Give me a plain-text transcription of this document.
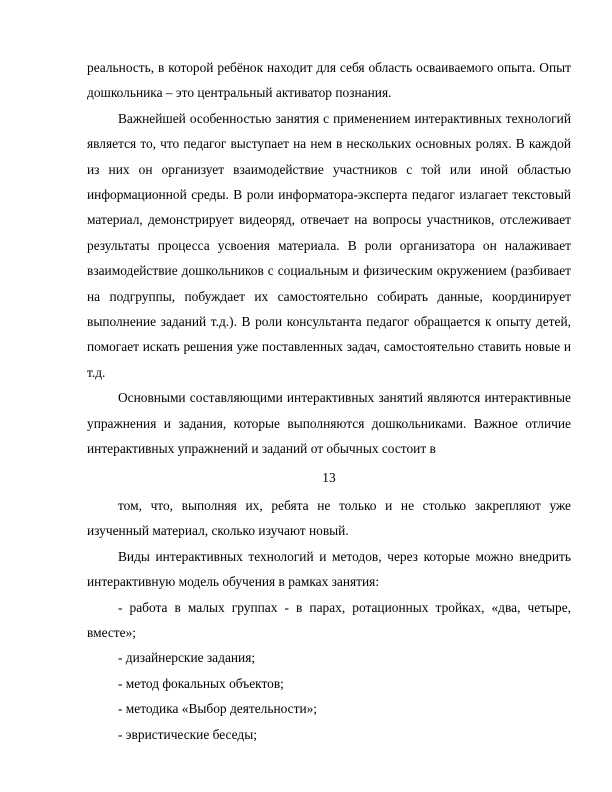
реальность, в которой ребёнок находит для себя область осваиваемого опыта. Опыт дошкольника – это центральный активатор познания.

Важнейшей особенностью занятия с применением интерактивных технологий является то, что педагог выступает на нем в нескольких основных ролях. В каждой из них он организует взаимодействие участников с той или иной областью информационной среды. В роли информатора-эксперта педагог излагает текстовый материал, демонстрирует видеоряд, отвечает на вопросы участников, отслеживает результаты процесса усвоения материала. В роли организатора он налаживает взаимодействие дошкольников с социальным и физическим окружением (разбивает на подгруппы, побуждает их самостоятельно собирать данные, координирует выполнение заданий т.д.). В роли консультанта педагог обращается к опыту детей, помогает искать решения уже поставленных задач, самостоятельно ставить новые и т.д.

Основными составляющими интерактивных занятий являются интерактивные упражнения и задания, которые выполняются дошкольниками. Важное отличие интерактивных упражнений и заданий от обычных состоит в

13

том, что, выполняя их, ребята не только и не столько закрепляют уже изученный материал, сколько изучают новый.

Виды интерактивных технологий и методов, через которые можно внедрить интерактивную модель обучения в рамках занятия:

- работа в малых группах - в парах, ротационных тройках, «два, четыре, вместе»;

- дизайнерские задания;

- метод фокальных объектов;

- методика «Выбор деятельности»;

- эвристические беседы;
